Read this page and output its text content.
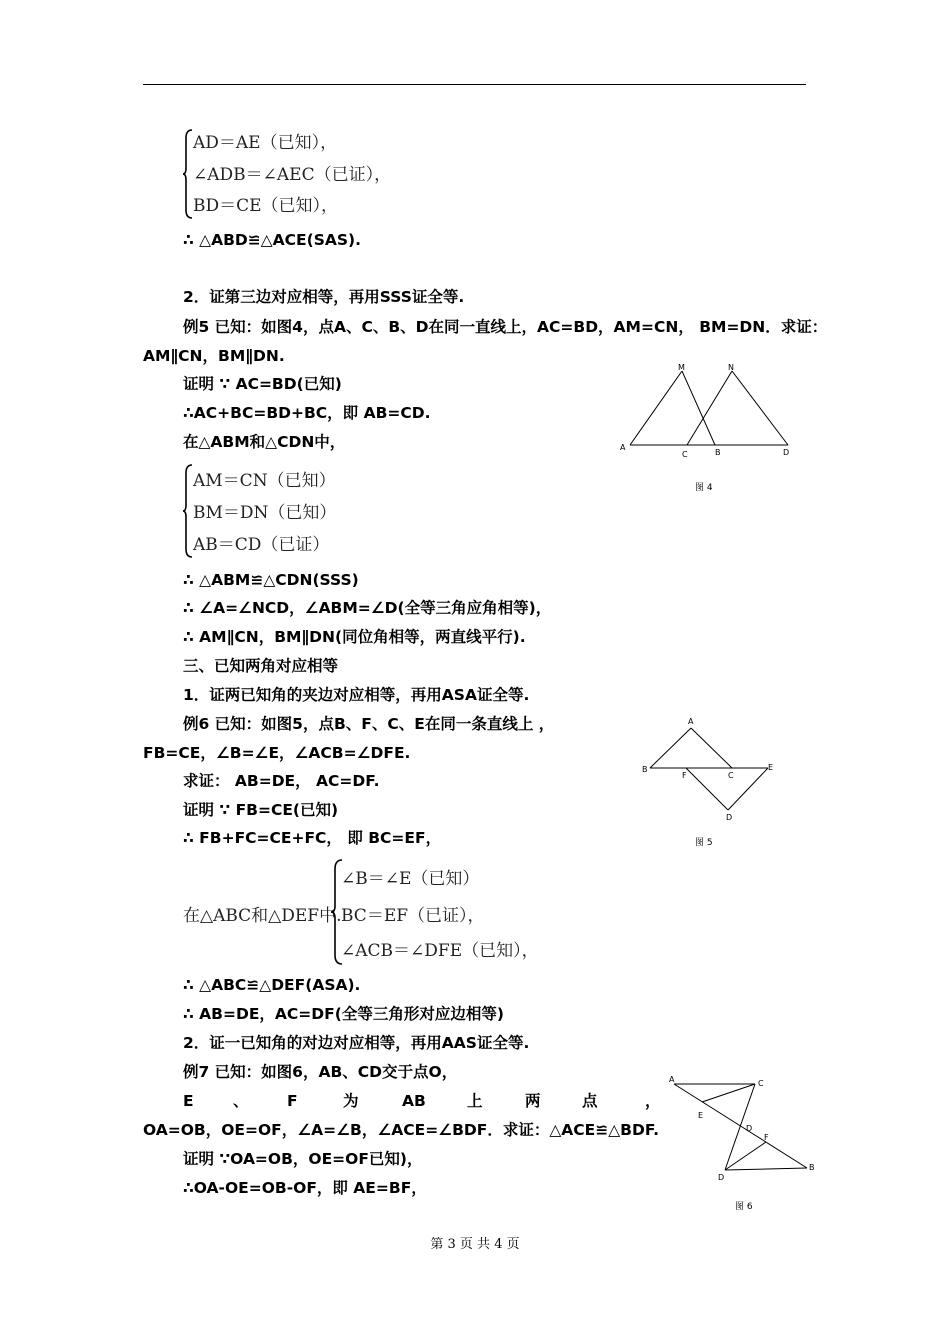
AD＝AE（已知），
∠ADB＝∠AEC（已证），
BD＝CE（已知），
∴ △ABD≌△ACE(SAS).
2．证第三边对应相等，再用SSS证全等.
例5 已知：如图4，点A、C、B、D在同一直线上，AC=BD，AM=CN， BM=DN．求证：
AM∥CN，BM∥DN.
证明 ∵ AC=BD(已知)
∴AC+BC=BD+BC，即 AB=CD.
在△ABM和△CDN中，	A
C	B	D
M	N
图 4
AM＝CN（已知）
BM＝DN（已知）
AB＝CD（已证）
∴ △ABM≌△CDN(SSS)
∴ ∠A=∠NCD，∠ABM=∠D(全等三角应角相等)，
∴ AM∥CN，BM∥DN(同位角相等，两直线平行).
三、已知两角对应相等
1．证两已知角的夹边对应相等，再用ASA证全等.
例6 已知：如图5，点B、F、C、E在同一条直线上 ，
FB=CE，∠B=∠E，∠ACB=∠DFE.
求证： AB=DE， AC=DF.
证明 ∵ FB=CE(已知)
∴ FB+FC=CE+FC， 即 BC=EF，
A
B
F	C
E
D
图 5
在△ABC和△DEF中.
∠B＝∠E（已知）
BC＝EF（已证），
∠ACB＝∠DFE（已知），
∴ △ABC≌△DEF(ASA).
∴ AB=DE，AC=DF(全等三角形对应边相等)
2．证一已知角的对边对应相等，再用AAS证全等.
例7 已知：如图6，AB、CD交于点O，
E	、 F	为	AB	上	两	点	，
OA=OB，OE=OF，∠A=∠B，∠ACE=∠BDF．求证：△ACE≌△BDF.
证明 ∵OA=OB，OE=OF已知)，
∴OA-OE=OB-OF，即 AE=BF，
A	C
E
D
F
D
B
图 6
第 3 页 共 4 页
